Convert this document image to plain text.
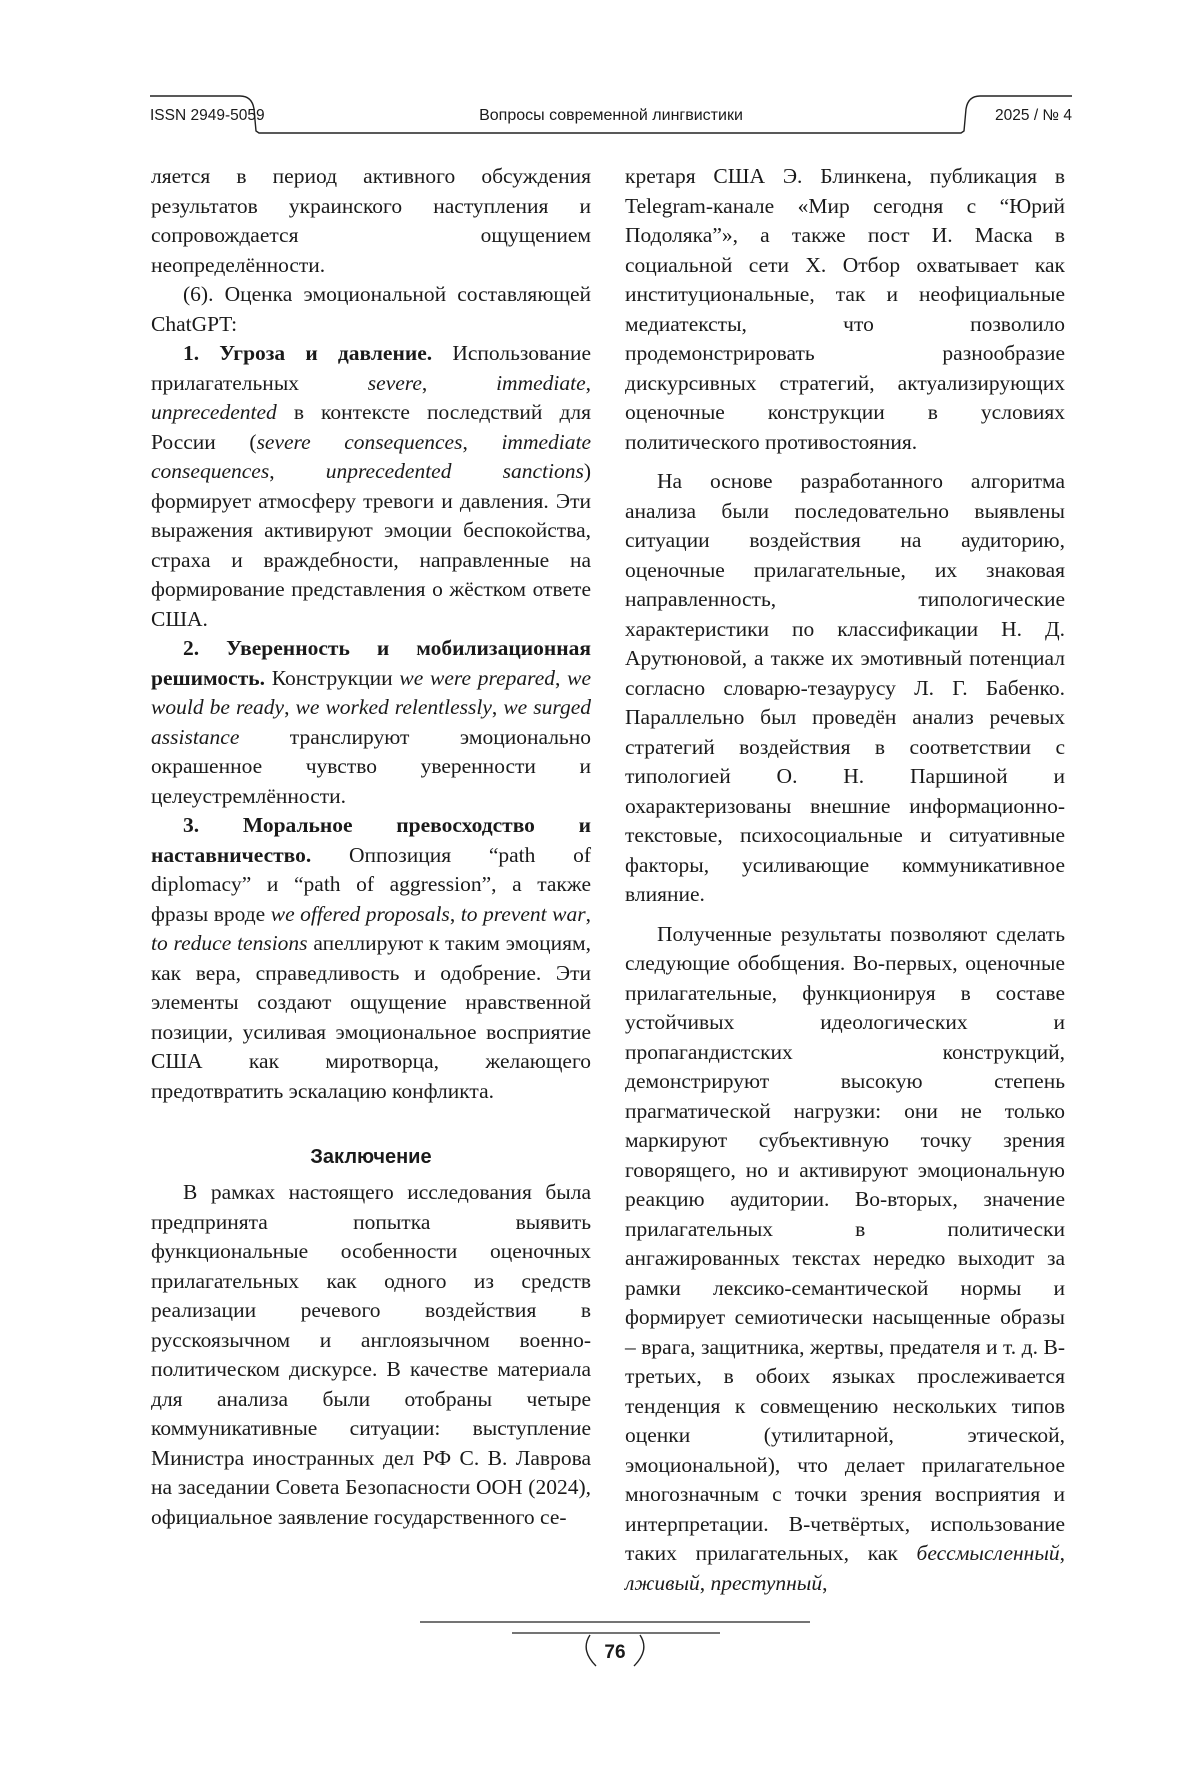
ISSN 2949-5059	Вопросы современной лингвистики	2025 / № 4

ляется в период активного обсуждения результатов украинского наступления и сопровождается ощущением неопределённости.

(6). Оценка эмоциональной составляющей ChatGPT:

1. Угроза и давление. Использование прилагательных severe, immediate, unprecedented в контексте последствий для России (severe consequences, immediate consequences, unprecedented sanctions) формирует атмосферу тревоги и давления. Эти выражения активируют эмоции беспокойства, страха и враждебности, направленные на формирование представления о жёстком ответе США.

2. Уверенность и мобилизационная решимость. Конструкции we were prepared, we would be ready, we worked relentlessly, we surged assistance транслируют эмоционально окрашенное чувство уверенности и целеустремлённости.

3. Моральное превосходство и наставничество. Оппозиция “path of diplomacy” и “path of aggression”, а также фразы вроде we offered proposals, to prevent war, to reduce tensions апеллируют к таким эмоциям, как вера, справедливость и одобрение. Эти элементы создают ощущение нравственной позиции, усиливая эмоциональное восприятие США как миротворца, желающего предотвратить эскалацию конфликта.

Заключение

В рамках настоящего исследования была предпринята попытка выявить функциональные особенности оценочных прилагательных как одного из средств реализации речевого воздействия в русскоязычном и англоязычном военно-политическом дискурсе. В качестве материала для анализа были отобраны четыре коммуникативные ситуации: выступление Министра иностранных дел РФ С. В. Лаврова на заседании Совета Безопасности ООН (2024), официальное заявление государственного се-

кретаря США Э. Блинкена, публикация в Telegram-канале «Мир сегодня с “Юрий Подоляка”», а также пост И. Маска в социальной сети X. Отбор охватывает как институциональные, так и неофициальные медиатексты, что позволило продемонстрировать разнообразие дискурсивных стратегий, актуализирующих оценочные конструкции в условиях политического противостояния.

На основе разработанного алгоритма анализа были последовательно выявлены ситуации воздействия на аудиторию, оценочные прилагательные, их знаковая направленность, типологические характеристики по классификации Н. Д. Арутюновой, а также их эмотивный потенциал согласно словарю-тезаурусу Л. Г. Бабенко. Параллельно был проведён анализ речевых стратегий воздействия в соответствии с типологией О. Н. Паршиной и охарактеризованы внешние информационно-текстовые, психосоциальные и ситуативные факторы, усиливающие коммуникативное влияние.

Полученные результаты позволяют сделать следующие обобщения. Во-первых, оценочные прилагательные, функционируя в составе устойчивых идеологических и пропагандистских конструкций, демонстрируют высокую степень прагматической нагрузки: они не только маркируют субъективную точку зрения говорящего, но и активируют эмоциональную реакцию аудитории. Во-вторых, значение прилагательных в политически ангажированных текстах нередко выходит за рамки лексико-семантической нормы и формирует семиотически насыщенные образы – врага, защитника, жертвы, предателя и т. д. В-третьих, в обоих языках прослеживается тенденция к совмещению нескольких типов оценки (утилитарной, этической, эмоциональной), что делает прилагательное многозначным с точки зрения восприятия и интерпретации. В-четвёртых, использование таких прилагательных, как бессмысленный, лживый, преступный,

76
